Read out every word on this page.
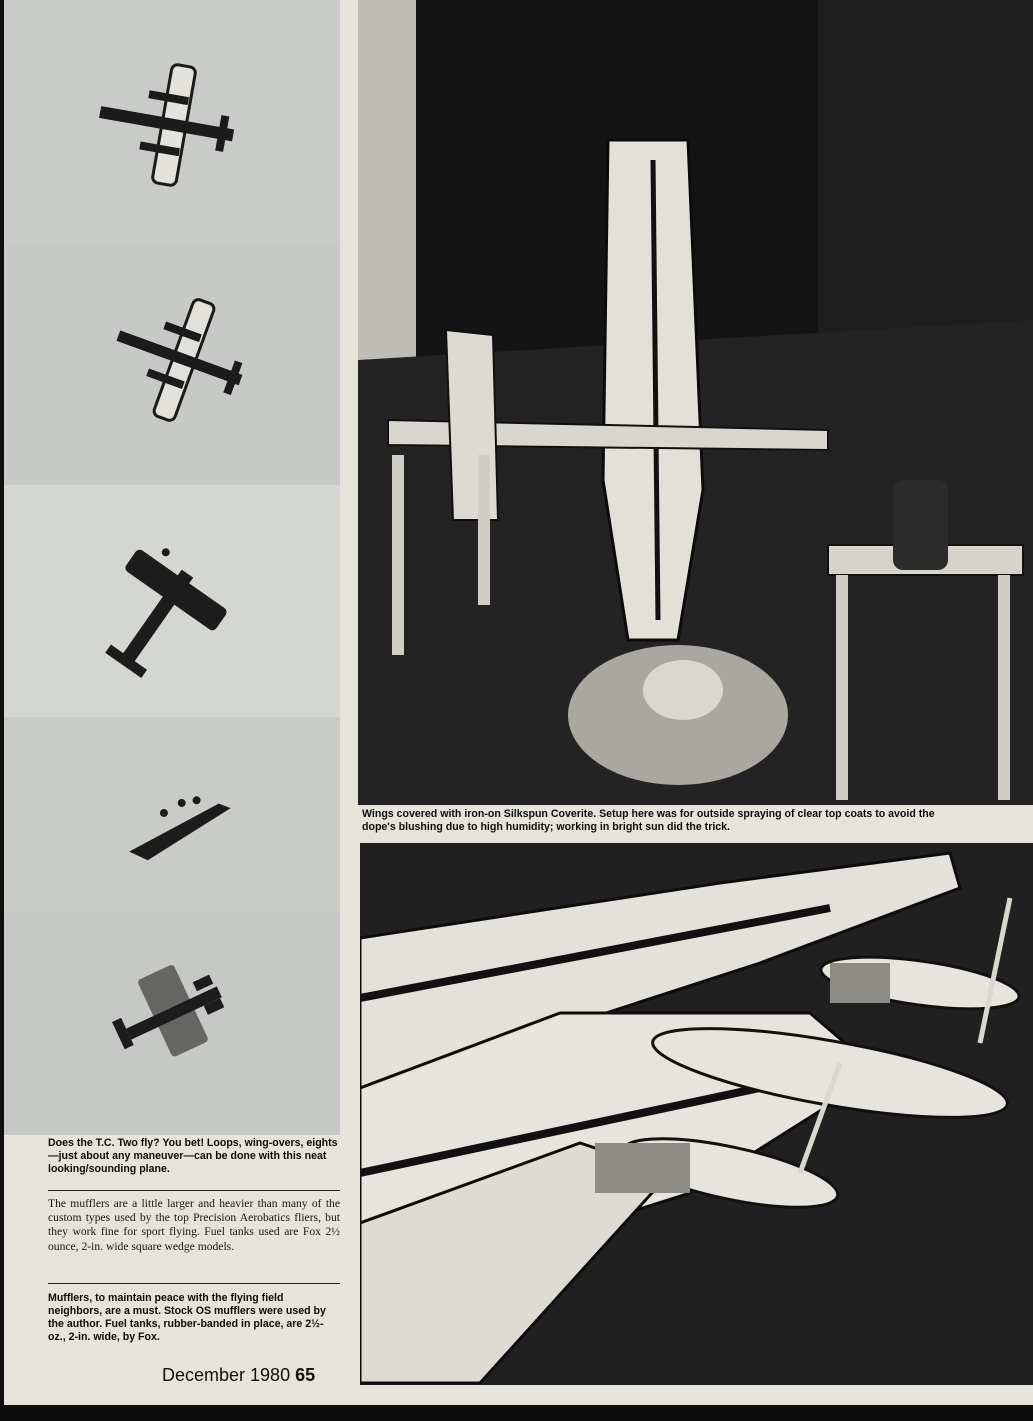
Wings covered with iron-on Silkspun Coverite. Setup here was for outside spraying of clear top coats to avoid the dope's blushing due to high humidity; working in bright sun did the trick.
Does the T.C. Two fly? You bet! Loops, wing-overs, eights—just about any maneuver—can be done with this neat looking/sounding plane.
The mufflers are a little larger and heavier than many of the custom types used by the top Precision Aerobatics fliers, but they work fine for sport flying. Fuel tanks used are Fox 2½ ounce, 2-in. wide square wedge models.
Mufflers, to maintain peace with the flying field neighbors, are a must. Stock OS mufflers were used by the author. Fuel tanks, rubber-banded in place, are 2½-oz., 2-in. wide, by Fox.
December 1980 65
